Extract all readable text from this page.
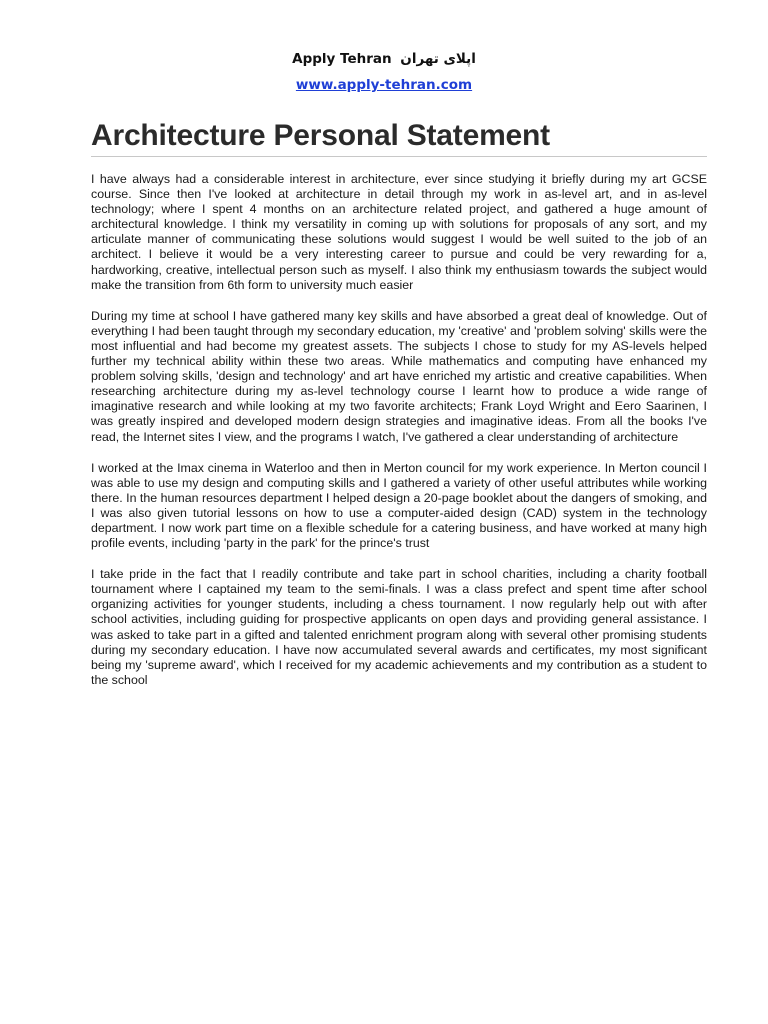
Apply Tehran اپلای تهران
www.apply-tehran.com
Architecture Personal Statement

I have always had a considerable interest in architecture, ever since studying it briefly during my art GCSE course. Since then I've looked at architecture in detail through my work in as-level art, and in as-level technology; where I spent 4 months on an architecture related project, and gathered a huge amount of architectural knowledge. I think my versatility in coming up with solutions for proposals of any sort, and my articulate manner of communicating these solutions would suggest I would be well suited to the job of an architect. I believe it would be a very interesting career to pursue and could be very rewarding for a, hardworking, creative, intellectual person such as myself. I also think my enthusiasm towards the subject would make the transition from 6th form to university much easier

During my time at school I have gathered many key skills and have absorbed a great deal of knowledge. Out of everything I had been taught through my secondary education, my 'creative' and 'problem solving' skills were the most influential and had become my greatest assets. The subjects I chose to study for my AS-levels helped further my technical ability within these two areas. While mathematics and computing have enhanced my problem solving skills, 'design and technology' and art have enriched my artistic and creative capabilities. When researching architecture during my as-level technology course I learnt how to produce a wide range of imaginative research and while looking at my two favorite architects; Frank Loyd Wright and Eero Saarinen, I was greatly inspired and developed modern design strategies and imaginative ideas. From all the books I've read, the Internet sites I view, and the programs I watch, I've gathered a clear understanding of architecture

I worked at the Imax cinema in Waterloo and then in Merton council for my work experience. In Merton council I was able to use my design and computing skills and I gathered a variety of other useful attributes while working there. In the human resources department I helped design a 20-page booklet about the dangers of smoking, and I was also given tutorial lessons on how to use a computer-aided design (CAD) system in the technology department. I now work part time on a flexible schedule for a catering business, and have worked at many high profile events, including 'party in the park' for the prince's trust

I take pride in the fact that I readily contribute and take part in school charities, including a charity football tournament where I captained my team to the semi-finals. I was a class prefect and spent time after school organizing activities for younger students, including a chess tournament. I now regularly help out with after school activities, including guiding for prospective applicants on open days and providing general assistance. I was asked to take part in a gifted and talented enrichment program along with several other promising students during my secondary education. I have now accumulated several awards and certificates, my most significant being my 'supreme award', which I received for my academic achievements and my contribution as a student to the school
